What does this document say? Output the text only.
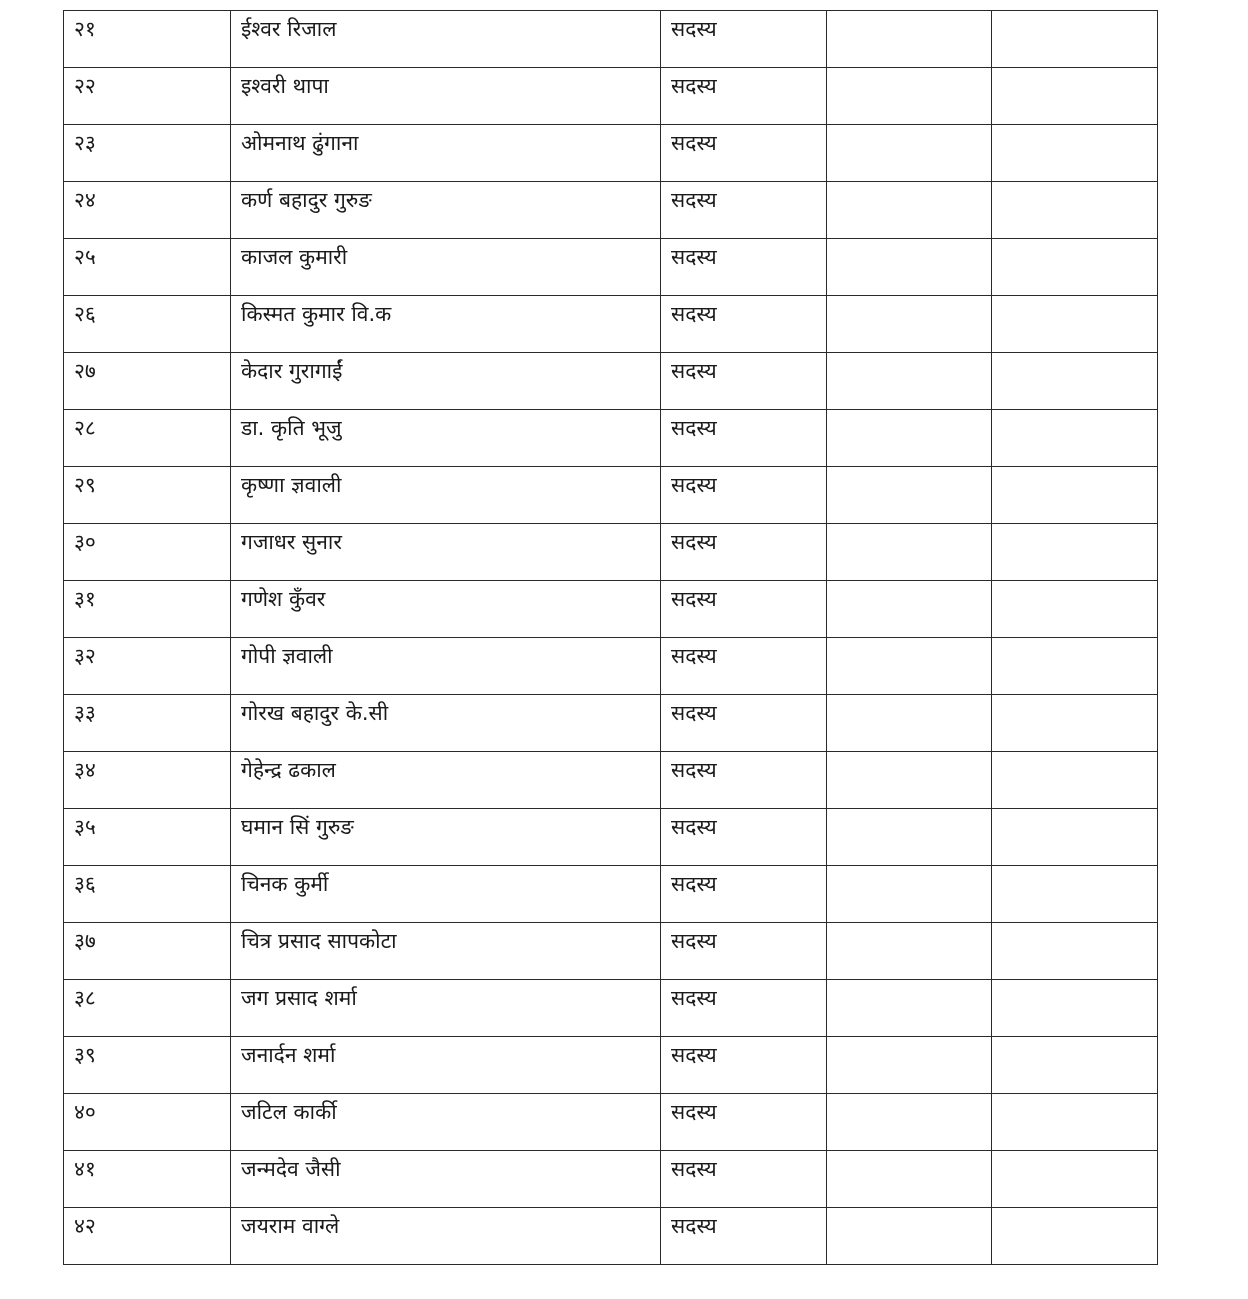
२१	ईश्वर रिजाल	सदस्य		
२२	इश्वरी थापा	सदस्य		
२३	ओमनाथ ढुंगाना	सदस्य		
२४	कर्ण बहादुर गुरुङ	सदस्य		
२५	काजल कुमारी	सदस्य		
२६	किस्मत कुमार वि.क	सदस्य		
२७	केदार गुरागाईं	सदस्य		
२८	डा. कृति भूजु	सदस्य		
२९	कृष्णा ज्ञवाली	सदस्य		
३०	गजाधर सुनार	सदस्य		
३१	गणेश कुँवर	सदस्य		
३२	गोपी ज्ञवाली	सदस्य		
३३	गोरख बहादुर के.सी	सदस्य		
३४	गेहेन्द्र ढकाल	सदस्य		
३५	घमान सिं गुरुङ	सदस्य		
३६	चिनक कुर्मी	सदस्य		
३७	चित्र प्रसाद सापकोटा	सदस्य		
३८	जग प्रसाद शर्मा	सदस्य		
३९	जनार्दन शर्मा	सदस्य		
४०	जटिल कार्की	सदस्य		
४१	जन्मदेव जैसी	सदस्य		
४२	जयराम वाग्ले	सदस्य		
